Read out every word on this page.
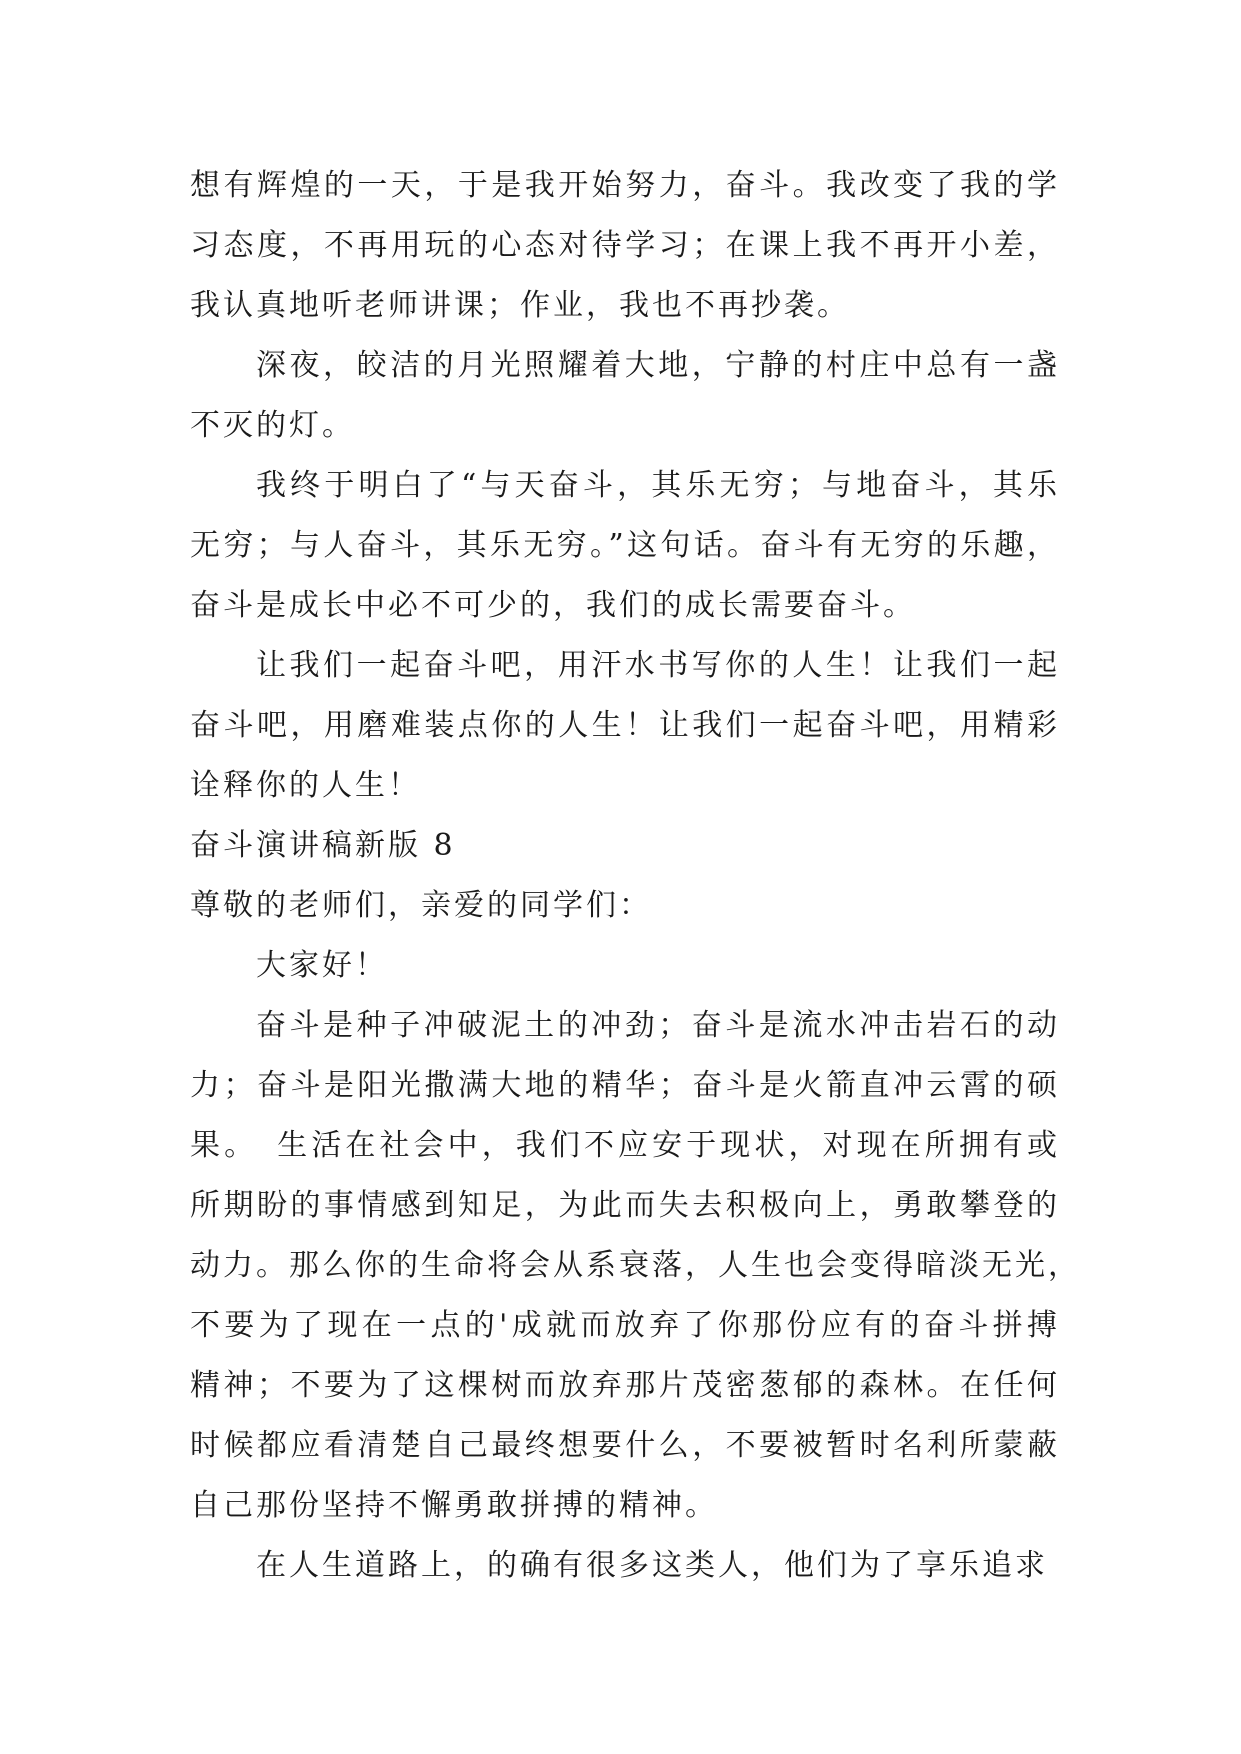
想有辉煌的一天，于是我开始努力，奋斗。我改变了我的学
习态度，不再用玩的心态对待学习；在课上我不再开小差，
我认真地听老师讲课；作业，我也不再抄袭。
深夜，皎洁的月光照耀着大地，宁静的村庄中总有一盏
不灭的灯。
我终于明白了“与天奋斗，其乐无穷；与地奋斗，其乐
无穷；与人奋斗，其乐无穷。”这句话。奋斗有无穷的乐趣，
奋斗是成长中必不可少的，我们的成长需要奋斗。
让我们一起奋斗吧，用汗水书写你的人生！让我们一起
奋斗吧，用磨难装点你的人生！让我们一起奋斗吧，用精彩
诠释你的人生！
奋斗演讲稿新版 8
尊敬的老师们，亲爱的同学们：
大家好！
奋斗是种子冲破泥土的冲劲；奋斗是流水冲击岩石的动
力；奋斗是阳光撒满大地的精华；奋斗是火箭直冲云霄的硕
果。　生活在社会中，我们不应安于现状，对现在所拥有或
所期盼的事情感到知足，为此而失去积极向上，勇敢攀登的
动力。那么你的生命将会从系衰落，人生也会变得暗淡无光，
不要为了现在一点的'成就而放弃了你那份应有的奋斗拼搏
精神；不要为了这棵树而放弃那片茂密葱郁的森林。在任何
时候都应看清楚自己最终想要什么，不要被暂时名利所蒙蔽
自己那份坚持不懈勇敢拼搏的精神。
在人生道路上，的确有很多这类人，他们为了享乐追求
